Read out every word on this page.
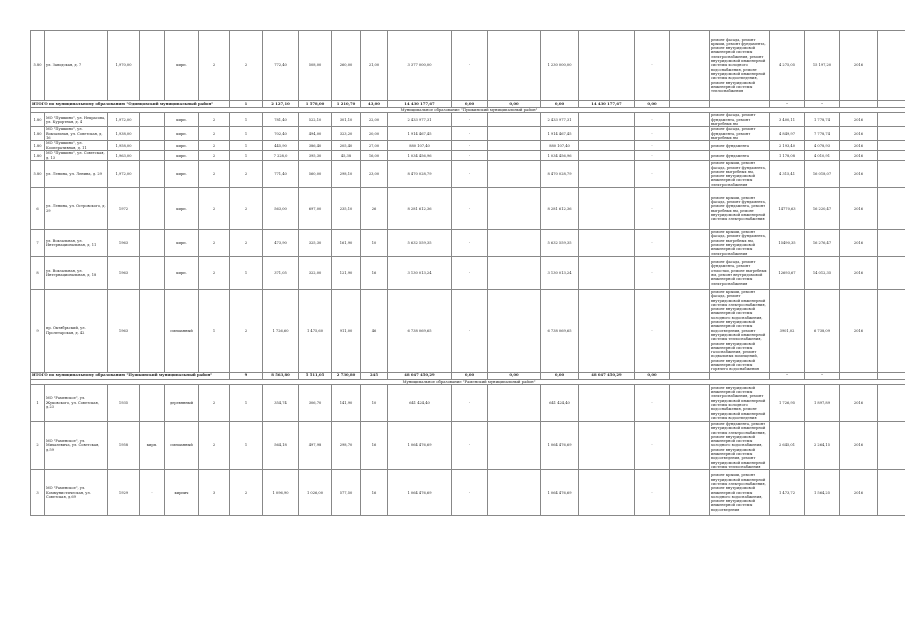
5.80	ул. Заводская, д. 7	1,970,00		кирп.	2	2	772,40	508,00	260,00	21,00	3 377 000,00	-		1 230 000,00		-		ремонт фасада, ремонт крыши, ремонт фундамента, ремонт внутридомовой инженерной системы электроснабжения, ремонт внутридомовой инженерной системы холодного водоснабжения, ремонт внутридомовой инженерной системы водоотведения, ремонт внутридомовой инженерной системы теплоснабжения	4 275,05	15 197,20	2016	
ИТОГО по муниципальному образованию "Одинцовский муниципальный район"						1	2 127,10	1 578,00	1 210,70	43,00	14 430 177,67	0,00	0,00	0,00	14 430 177,67	0,00			-	-		
Муниципальное образование "Пушкинский муниципальный район"																						
1.80	МО "Пушкино", ул. Некрасова, ул. Курортная, д. 4	1,972,00		кирп.	2	1	781,40	522,10	301,10	22,00	2 433 977,31	-		2 433 977,31		-		ремонт фасада, ремонт фундамента, ремонт выгребных ям	3 400,11	1 778,74	2016	
1.80	МО "Пушкино", ул. Вокзальная, ул. Советская, д. 16	1,938,00		кирп.	2	1	702,40	494,00	323,20	20,00	1 914 467,45	-		1 914 467,45		-		ремонт фасада, ремонт фундамента, ремонт выгребных ям	4 849,97	7 778,74	2016	
1.80	МО "Пушкино", ул. Кооперативная, д. 11	1,958,00		кирп.	2	1	445,90	386,40	205,40	27,00	880 107,40	-		880 107,40		-		ремонт фундамента	2 193,40	4 078,93	2016	
1.80	МО "Пушкино", ул. Советская, д. 13	1,963,00		кирп.	2	1	7 228,0	395,30	45,38	16,00	1 034 456,96	-		1 034 456,96		-		ремонт фундамента	1 178,08	4 010,91	2016	
5.80	ул. Ленина, ул. Ленина, д. 29	1,972,00		кирп.	2	2	771,40	560,00	298,10	23,00	8 470 028,79	-		8 470 028,79		-		ремонт крыши, ремонт фасада, ремонт фундамента, ремонт выгребных ям, ремонт внутридомовой инженерной системы электроснабжения	4 315,41	16 018,07	2016	
6	ул. Ленина, ул. Островского, д. 29	1972		кирп.	2	2	563,00	697,00	235,10	26	8 281 612,36	-		8 281 612,36		-		ремонт крыши, ремонт фасада, ремонт фундамента, ремонт фундамента, ремонт выгребных ям, ремонт внутридомовой инженерной системы электроснабжения	14770,63	16 220,47	2016	
7	ул. Вокзальная, ул. Интернациональная, д. 11	1963		кирп.	2	2	473,90	325,30	161,90	10	5 632 559,35	-		5 632 559,35		-		ремонт крыши, ремонт фасада, ремонт фундамента, ремонт выгребных ям, ремонт внутридомовой инженерной системы электроснабжения	15490,35	16 276,47	2016	
8	ул. Вокзальная, ул. Интернациональная, д. 18	1963		кирп.	2	1	371,05	322,00	121,90	16	3 130 013,24	-		3 130 013,24		-		ремонт фасада, ремонт фундамента, ремонт отмостки, ремонт выгребных ям, ремонт внутридомовой инженерной системы электроснабжения	12693,67	14 012,35	2016	
9	пр. Октябрьский, ул. Пролетарская, д. 42	1963		смешанный	1	2	1 726,60	1 475,60	911,00	46	6 738 069,65	-		6 738 069,65		-		ремонт крыши, ремонт фасада, ремонт внутридомовой инженерной системы электроснабжения, ремонт внутридомовой инженерной системы холодного водоснабжения, ремонт внутридомовой инженерной системы водоотведения, ремонт внутридомовой инженерной системы теплоснабжения, ремонт внутридомовой инженерной системы газоснабжения, ремонт подвальных помещений, ремонт внутридомовой инженерной системы горячего водоснабжения	3901,02	6 738,09	2016	
ИТОГО по муниципальному образованию "Пушкинский муниципальный район"						9	8 563,80	5 511,05	2 730,80	245	48 047 450,29	0,00	0,00	0,00	48 047 450,29	0,00			-	-		
Муниципальное образование "Раменский муниципальный район"																						
1	МО "Раменское", ул. Жуковского, ул. Советская, д.23	1935		деревянный	2	1	354,74	306,70	141,90	10	641 424,40	-		641 424,40		-		ремонт внутридомовой инженерной системы электроснабжения, ремонт внутридомовой инженерной системы холодного водоснабжения, ремонт внутридомовой инженерной системы водоотведения	1 726,95	1 897,89	2016	
2	МО "Раменское", ул. Михалевича, ул. Советская, д.59	1958	кирп.	смешанный	2	1	564,18	497,98	298,70	16	1 064 476,69	-		1 064 476,69		-		ремонт фундамента, ремонт внутридомовой инженерной системы электроснабжения, ремонт внутридомовой инженерной системы холодного водоснабжения, ремонт внутридомовой инженерной системы водоотведения, ремонт внутридомовой инженерной системы теплоснабжения	2 645,01	2 264,15	2016	
3	МО "Раменское", ул. Коммунистическая, ул. Советская, д.69	1929	-	кирпич	3	2	1 096,90	1 026,00	577,50	16	1 064 476,69	-		1 064 476,69		-		ремонт крыши, ремонт внутридомовой инженерной системы электроснабжения, ремонт внутридомовой инженерной системы холодного водоснабжения, ремонт внутридомовой инженерной системы водоотведения	1 473,72	1 564,25	2016	
